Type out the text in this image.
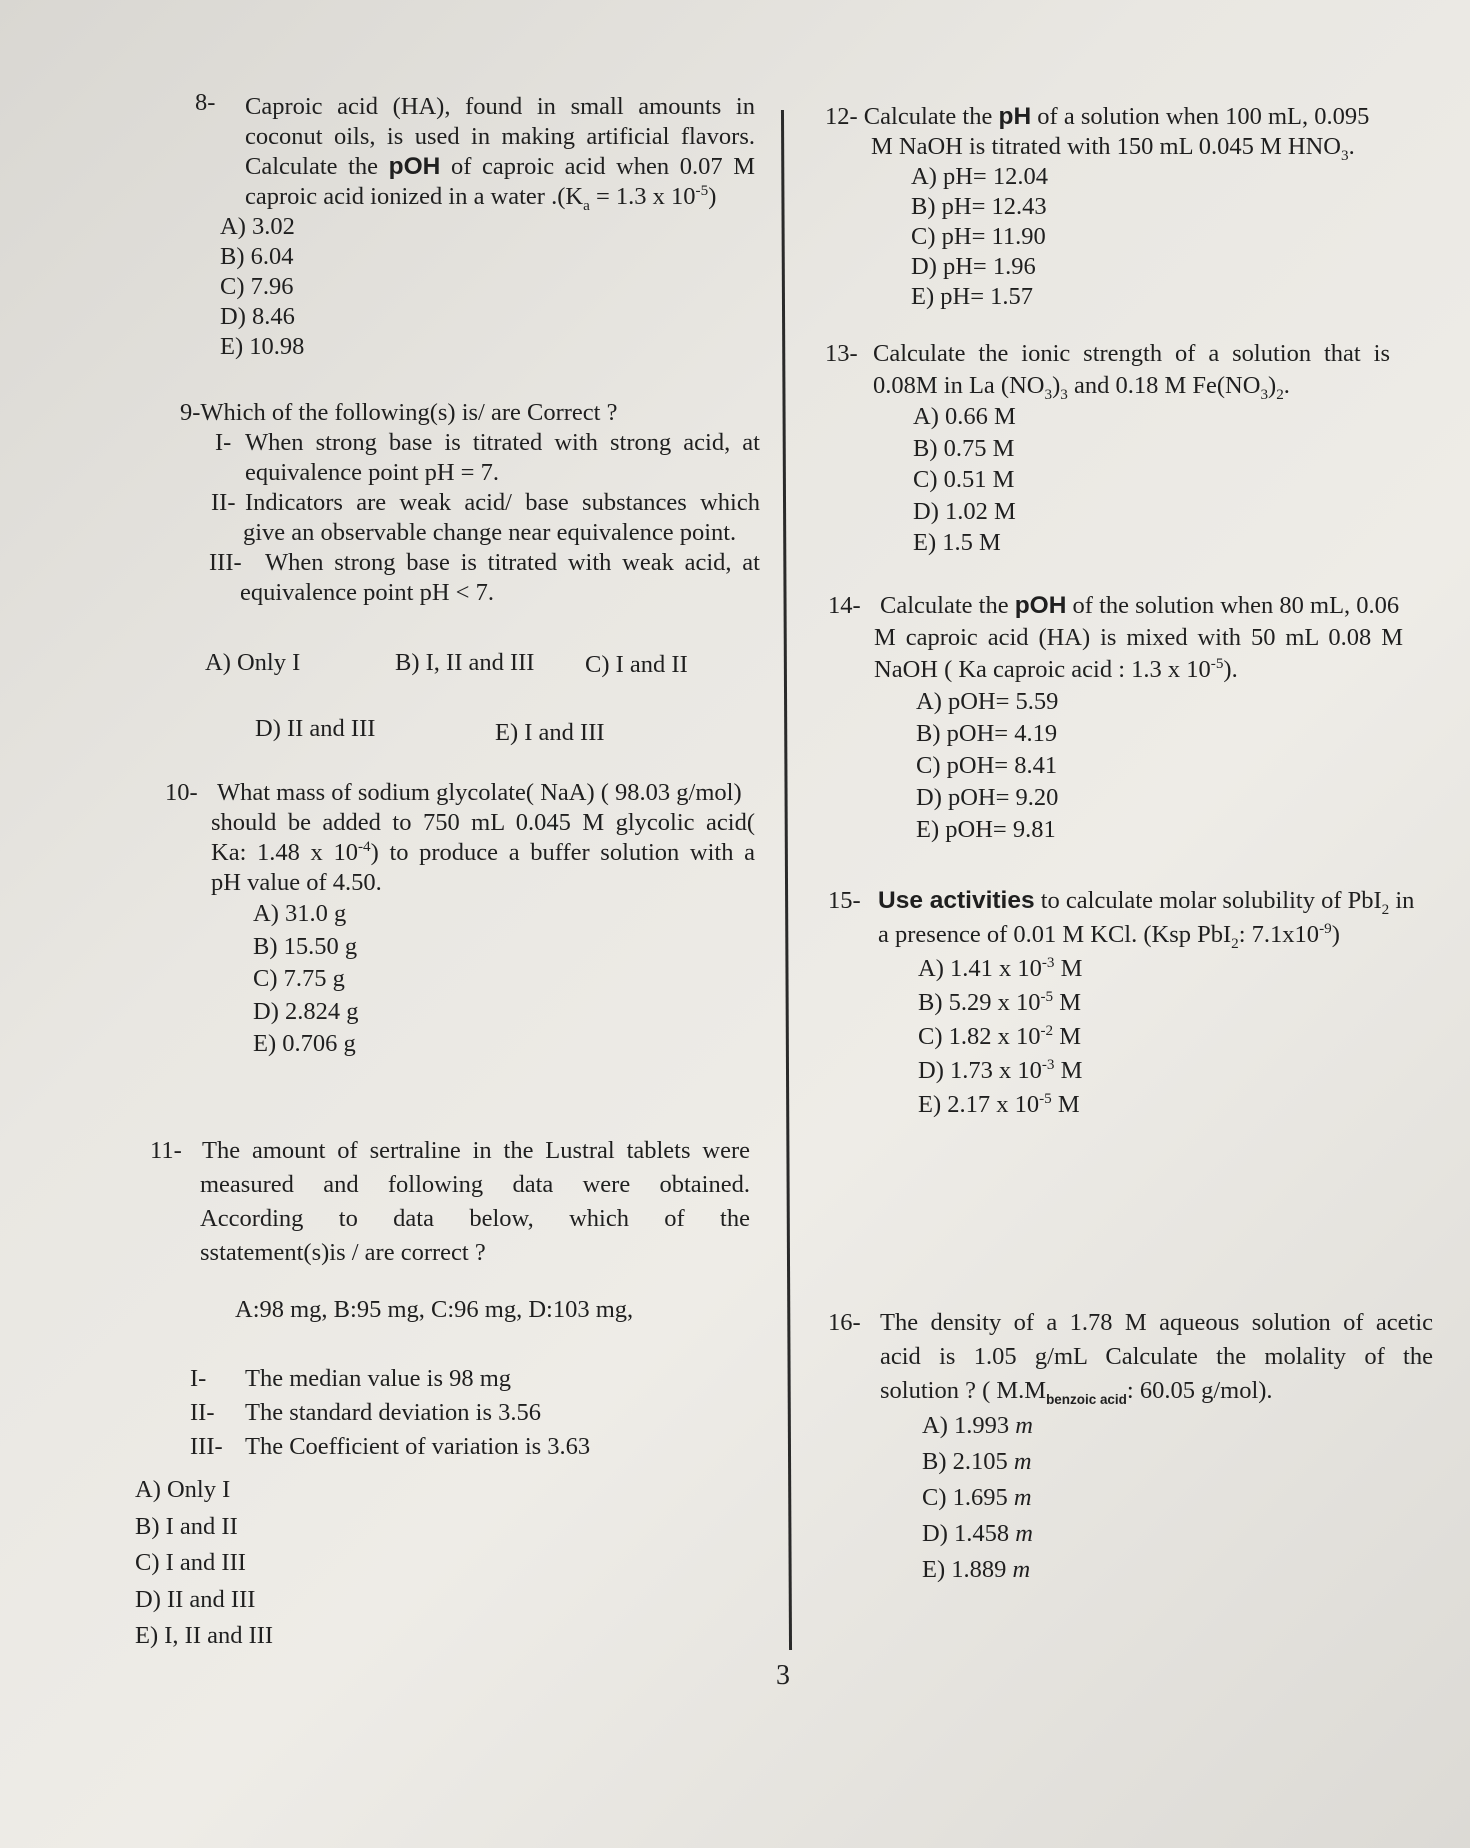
8- Caproic acid (HA), found in small amounts in
coconut oils, is used in making artificial flavors.
Calculate the pOH of caproic acid when 0.07 M
caproic acid ionized in a water $.(K_a = 1.3$ x $10^{-5}$)
A) 3.02
B) 6.04
C) 7.96
D) 8.46
E) 10.98
9-Which of the following(s) is/ are Correct ?
I- When strong base is titrated with strong acid, at
equivalence point pH = 7.
II- Indicators are weak acid/ base substances which
give an observable change near equivalence point.
III- When strong base is titrated with weak acid, at
equivalence point pH < 7.
A) Only I	B) I, II and III C) I and II
D) II and III	E) I and III
10- What mass of sodium glycolate( NaA) ( 98.03 g/mol)
should be added to 750 mL 0.045 M glycolic acid(
Ka: 1.48 x $10^{-4}$) to produce a buffer solution with a
pH value of 4.50.
A) 31.0 g
B) 15.50 g
C) 7.75 g
D) 2.824 g
E) 0.706 g
11- The amount of sertraline in the Lustral tablets were
measured and following data were obtained.
According to data below, which of the
sstatement(s)is / are correct ?
A:98 mg, B:95 mg, C:96 mg, D:103 mg,
I- The median value is 98 mg
II- The standard deviation is 3.56
III- The Coefficient of variation is 3.63
A) Only I
B) I and II
C) I and III
D) II and III
E) I, II and III
12- Calculate the pH of a solution when 100 mL, 0.095
M NaOH is titrated with 150 mL 0.045 M $HNO_3$.
A) pH= 12.04
B) pH= 12.43
C) pH= 11.90
D) pH= 1.96
E) pH= 1.57
13- Calculate the ionic strength of a solution that is
0.08M in La $(NO_3)_3$ and 0.18 M $Fe(NO_3)_2$.
A) 0.66 M
B) 0.75 M
C) 0.51 M
D) 1.02 M
E) 1.5 M
14- Calculate the pOH of the solution when 80 mL, 0.06
M caproic acid (HA) is mixed with 50 mL 0.08 M
NaOH ( Ka caproic acid : 1.3 x $10^{-5}$).
A) pOH= 5.59
B) pOH= 4.19
C) pOH= 8.41
D) pOH= 9.20
E) pOH= 9.81
15- Use activities to calculate molar solubility of PbI$_2$ in
a presence of 0.01 M KCl. (Ksp PbI$_2$: $7.1x10^{-9}$)
A) 1.41 x $10^{-3}$ M
B) 5.29 x $10^{-5}$ M
C) 1.82 x $10^{-2}$ M
D) 1.73 x $10^{-3}$ M
E) 2.17 x $10^{-5}$ M
16- The density of a 1.78 M aqueous solution of acetic
acid is 1.05 g/mL Calculate the molality of the
solution ? ( $M.M_{benzoic acid}$: 60.05 g/mol).
A) 1.993 m
B) 2.105 m
C) 1.695 m
D) 1.458 m
E) 1.889 m
3
